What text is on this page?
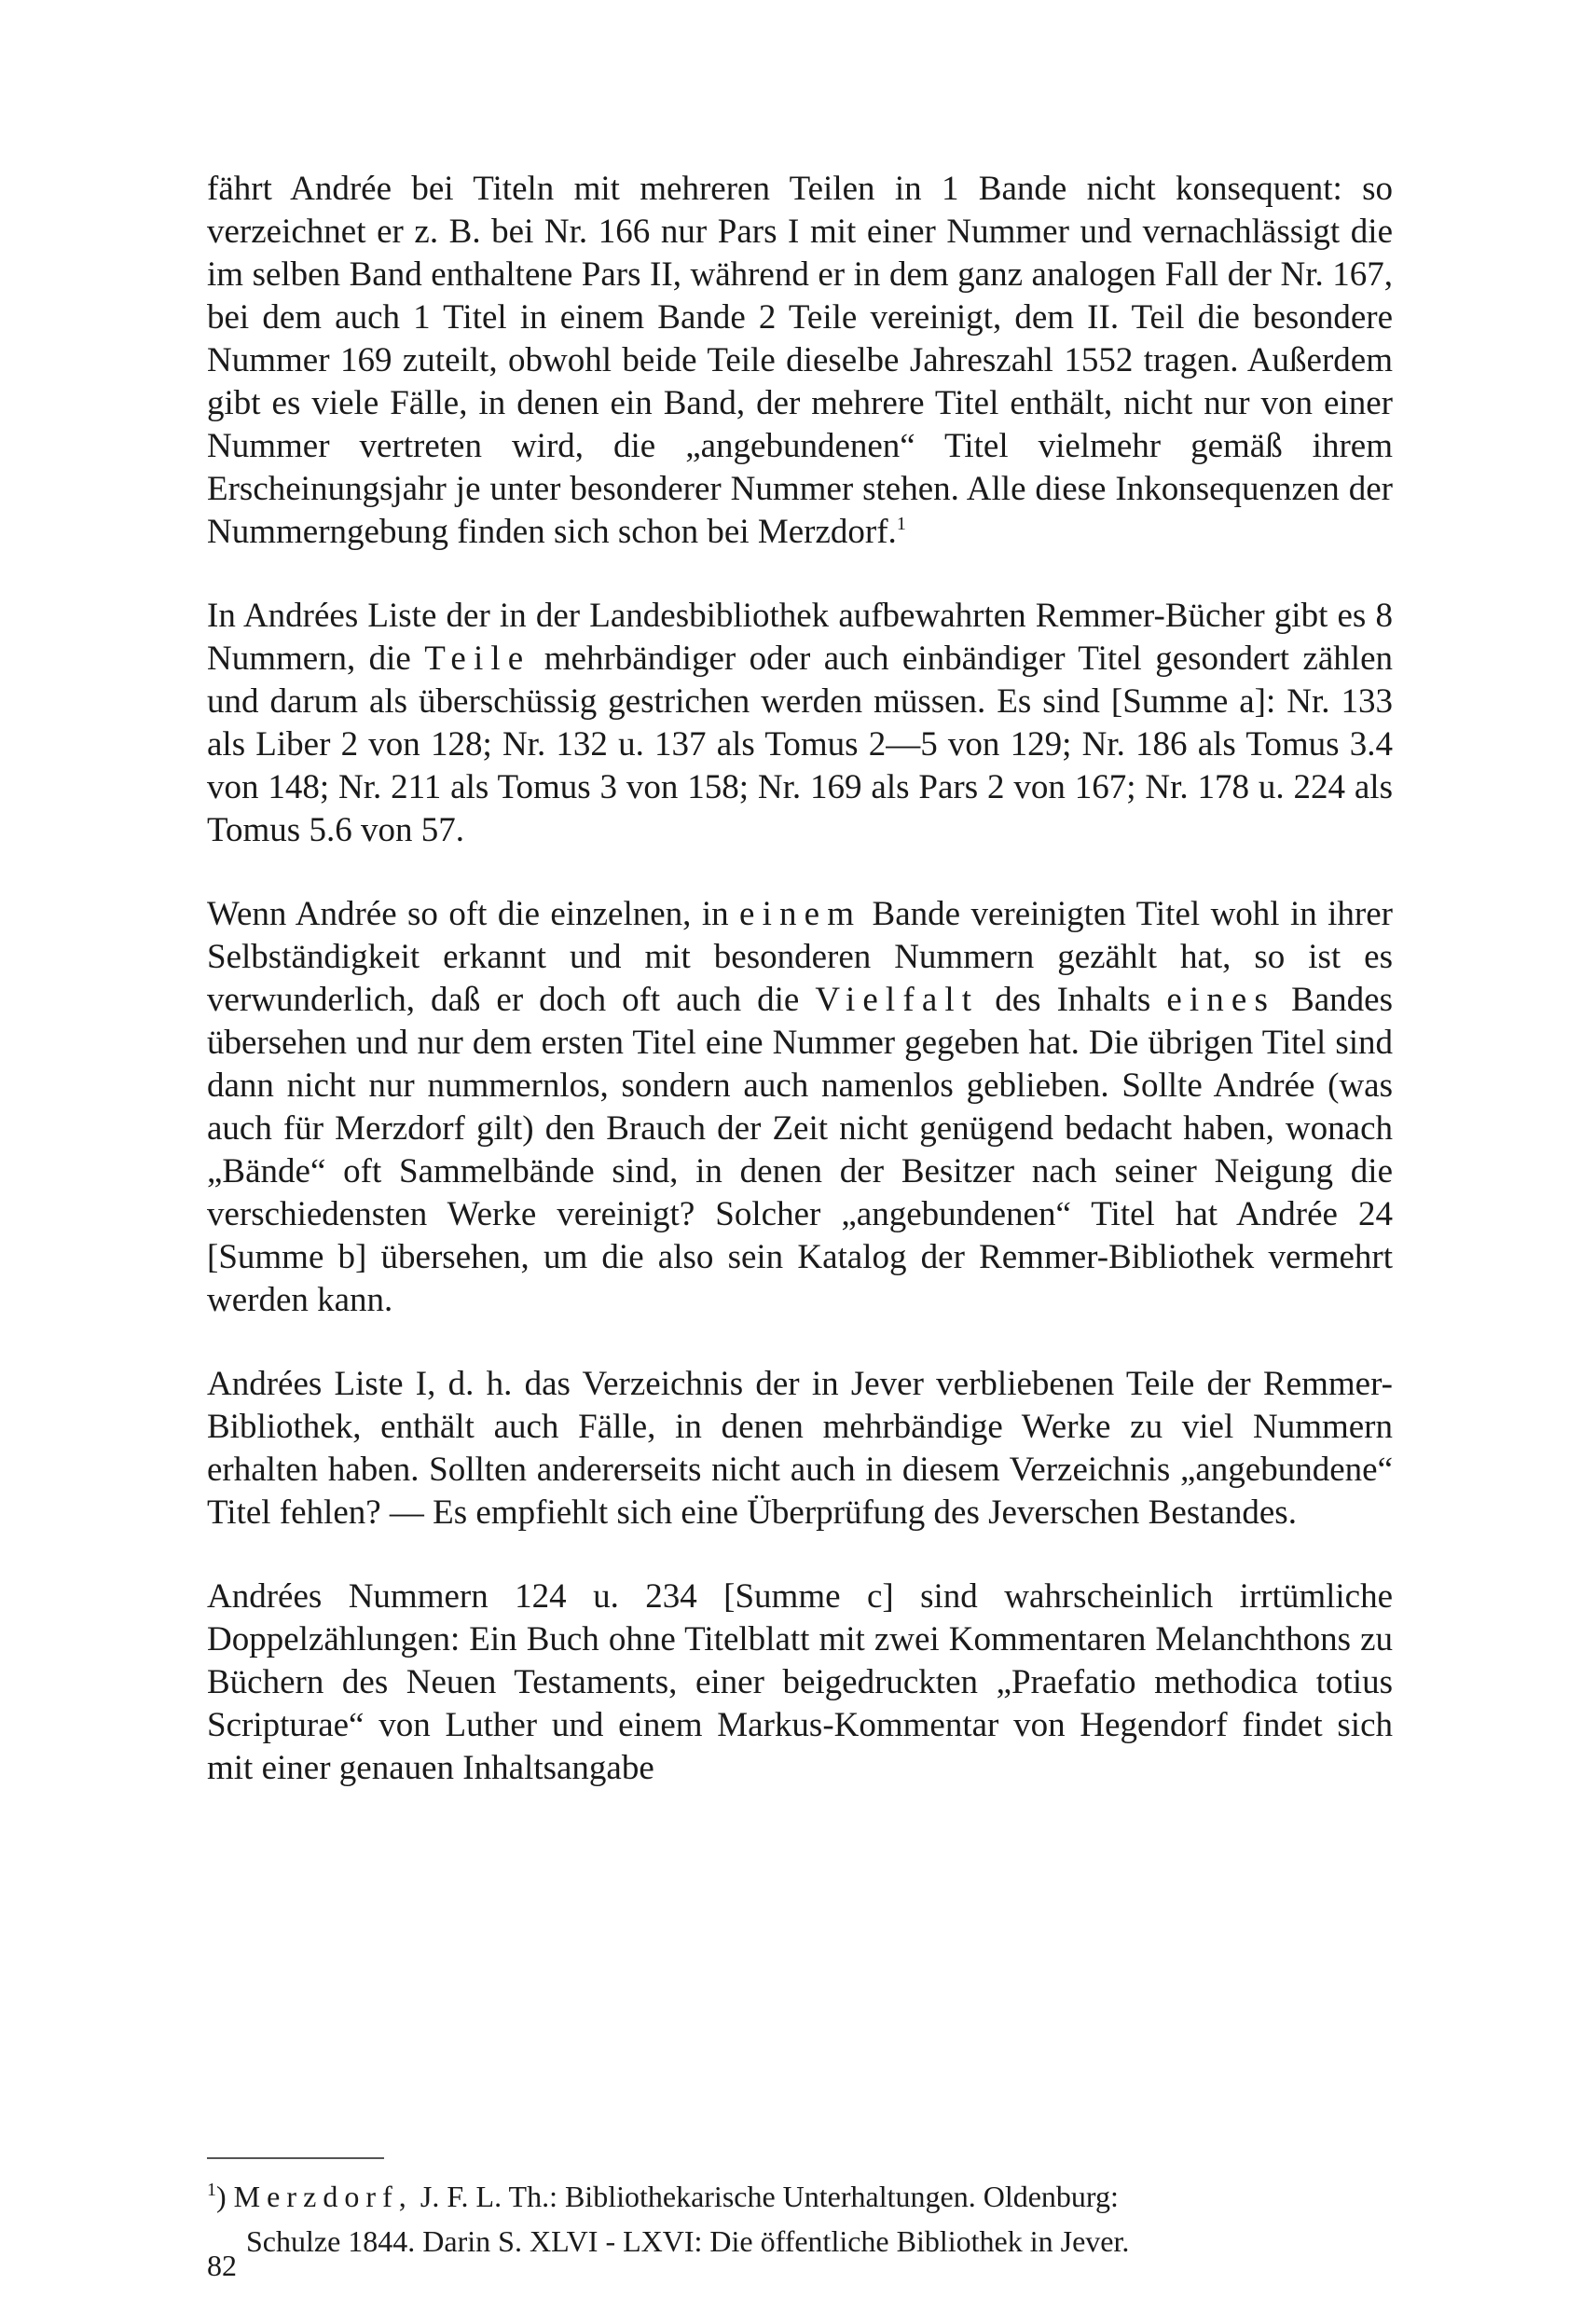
fährt Andrée bei Titeln mit mehreren Teilen in 1 Bande nicht konsequent: so verzeichnet er z. B. bei Nr. 166 nur Pars I mit einer Nummer und vernachlässigt die im selben Band enthaltene Pars II, während er in dem ganz analogen Fall der Nr. 167, bei dem auch 1 Titel in einem Bande 2 Teile vereinigt, dem II. Teil die besondere Nummer 169 zuteilt, obwohl beide Teile dieselbe Jahreszahl 1552 tragen. Außerdem gibt es viele Fälle, in denen ein Band, der mehrere Titel enthält, nicht nur von einer Nummer vertreten wird, die „angebundenen“ Titel vielmehr gemäß ihrem Erscheinungsjahr je unter besonderer Nummer stehen. Alle diese Inkonsequenzen der Nummerngebung finden sich schon bei Merzdorf.$^1$

In Andrées Liste der in der Landesbibliothek aufbewahrten Remmer-Bücher gibt es 8 Nummern, die Teile mehrbändiger oder auch einbändiger Titel gesondert zählen und darum als überschüssig gestrichen werden müssen. Es sind [Summe a]: Nr. 133 als Liber 2 von 128; Nr. 132 u. 137 als Tomus 2—5 von 129; Nr. 186 als Tomus 3.4 von 148; Nr. 211 als Tomus 3 von 158; Nr. 169 als Pars 2 von 167; Nr. 178 u. 224 als Tomus 5.6 von 57.

Wenn Andrée so oft die einzelnen, in einem Bande vereinigten Titel wohl in ihrer Selbständigkeit erkannt und mit besonderen Nummern gezählt hat, so ist es verwunderlich, daß er doch oft auch die Vielfalt des Inhalts eines Bandes übersehen und nur dem ersten Titel eine Nummer gegeben hat. Die übrigen Titel sind dann nicht nur nummernlos, sondern auch namenlos geblieben. Sollte Andrée (was auch für Merzdorf gilt) den Brauch der Zeit nicht genügend bedacht haben, wonach „Bände“ oft Sammelbände sind, in denen der Besitzer nach seiner Neigung die verschiedensten Werke vereinigt? Solcher „angebundenen“ Titel hat Andrée 24 [Summe b] übersehen, um die also sein Katalog der Remmer-Bibliothek vermehrt werden kann.

Andrées Liste I, d. h. das Verzeichnis der in Jever verbliebenen Teile der Remmer-Bibliothek, enthält auch Fälle, in denen mehrbändige Werke zu viel Nummern erhalten haben. Sollten andererseits nicht auch in diesem Verzeichnis „angebundene“ Titel fehlen? — Es empfiehlt sich eine Überprüfung des Jeverschen Bestandes.

Andrées Nummern 124 u. 234 [Summe c] sind wahrscheinlich irrtümliche Doppelzählungen: Ein Buch ohne Titelblatt mit zwei Kommentaren Melanchthons zu Büchern des Neuen Testaments, einer beigedruckten „Praefatio methodica totius Scripturae“ von Luther und einem Markus-Kommentar von Hegendorf findet sich mit einer genauen Inhaltsangabe

$^1$) Merzdorf, J. F. L. Th.: Bibliothekarische Unterhaltungen. Oldenburg:
Schulze 1844. Darin S. XLVI - LXVI: Die öffentliche Bibliothek in Jever.

82
